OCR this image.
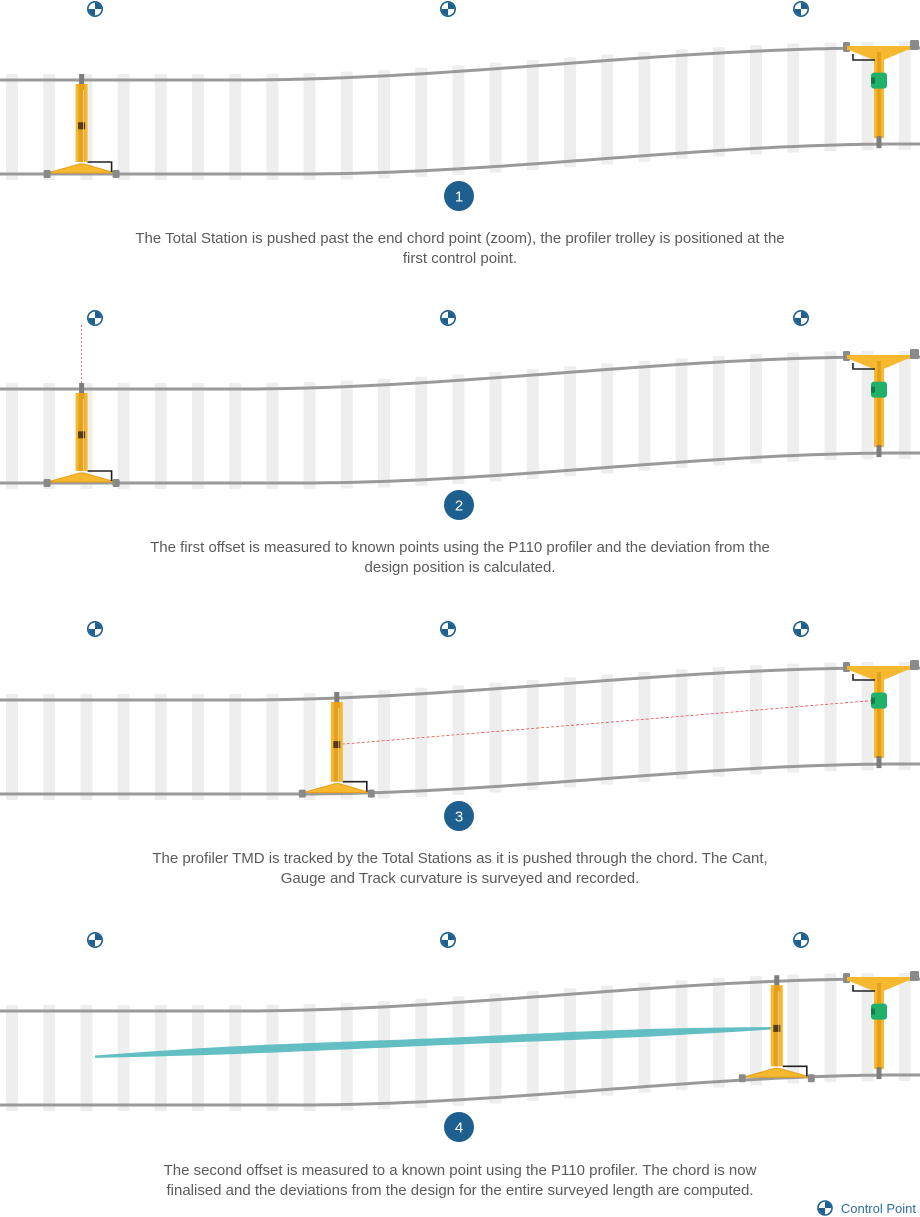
1
2
3
4

The Total Station is pushed past the end chord point (zoom), the profiler trolley is positioned at the
first control point.

The first offset is measured to known points using the P110 profiler and the deviation from the
design position is calculated.

The profiler TMD is tracked by the Total Stations as it is pushed through the chord. The Cant,
Gauge and Track curvature is surveyed and recorded.

The second offset is measured to a known point using the P110 profiler. The chord is now
finalised and the deviations from the design for the entire surveyed length are computed.

Control Point
